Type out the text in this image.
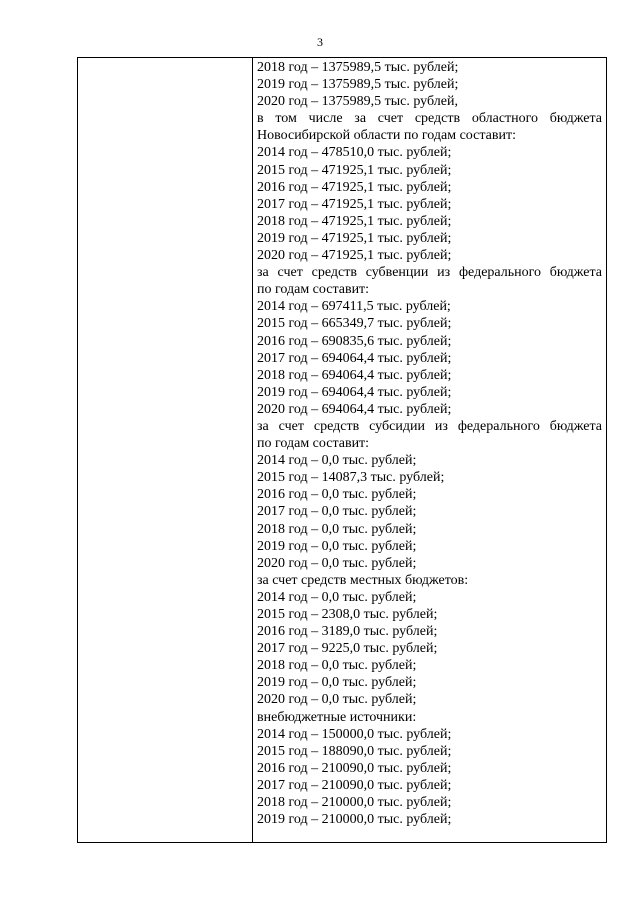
3
2018 год – 1375989,5 тыс. рублей;
2019 год – 1375989,5 тыс. рублей;
2020 год – 1375989,5 тыс. рублей,
в том числе за счет средств областного бюджета
Новосибирской области по годам составит:
2014 год – 478510,0 тыс. рублей;
2015 год – 471925,1 тыс. рублей;
2016 год – 471925,1 тыс. рублей;
2017 год – 471925,1 тыс. рублей;
2018 год – 471925,1 тыс. рублей;
2019 год – 471925,1 тыс. рублей;
2020 год – 471925,1 тыс. рублей;
за счет средств субвенции из федерального бюджета
по годам составит:
2014 год – 697411,5 тыс. рублей;
2015 год – 665349,7 тыс. рублей;
2016 год – 690835,6 тыс. рублей;
2017 год – 694064,4 тыс. рублей;
2018 год – 694064,4 тыс. рублей;
2019 год – 694064,4 тыс. рублей;
2020 год – 694064,4 тыс. рублей;
за счет средств субсидии из федерального бюджета
по годам составит:
2014 год – 0,0 тыс. рублей;
2015 год – 14087,3 тыс. рублей;
2016 год – 0,0 тыс. рублей;
2017 год – 0,0 тыс. рублей;
2018 год – 0,0 тыс. рублей;
2019 год – 0,0 тыс. рублей;
2020 год – 0,0 тыс. рублей;
за счет средств местных бюджетов:
2014 год – 0,0 тыс. рублей;
2015 год – 2308,0 тыс. рублей;
2016 год – 3189,0 тыс. рублей;
2017 год – 9225,0 тыс. рублей;
2018 год – 0,0 тыс. рублей;
2019 год – 0,0 тыс. рублей;
2020 год – 0,0 тыс. рублей;
внебюджетные источники:
2014 год – 150000,0 тыс. рублей;
2015 год – 188090,0 тыс. рублей;
2016 год – 210090,0 тыс. рублей;
2017 год – 210090,0 тыс. рублей;
2018 год – 210000,0 тыс. рублей;
2019 год – 210000,0 тыс. рублей;
